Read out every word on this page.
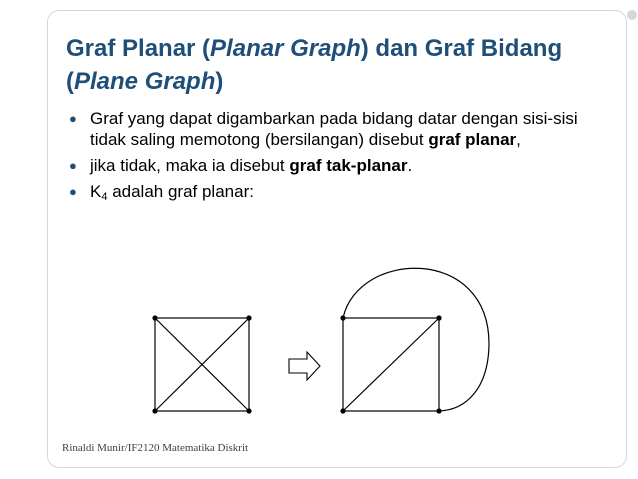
Graf Planar (Planar Graph) dan Graf Bidang (Plane Graph)
● Graf yang dapat digambarkan pada bidang datar dengan sisi-sisi tidak saling memotong (bersilangan) disebut graf planar,
● jika tidak, maka ia disebut graf tak-planar.
● $K_4$ adalah graf planar:

Rinaldi Munir/IF2120 Matematika Diskrit
